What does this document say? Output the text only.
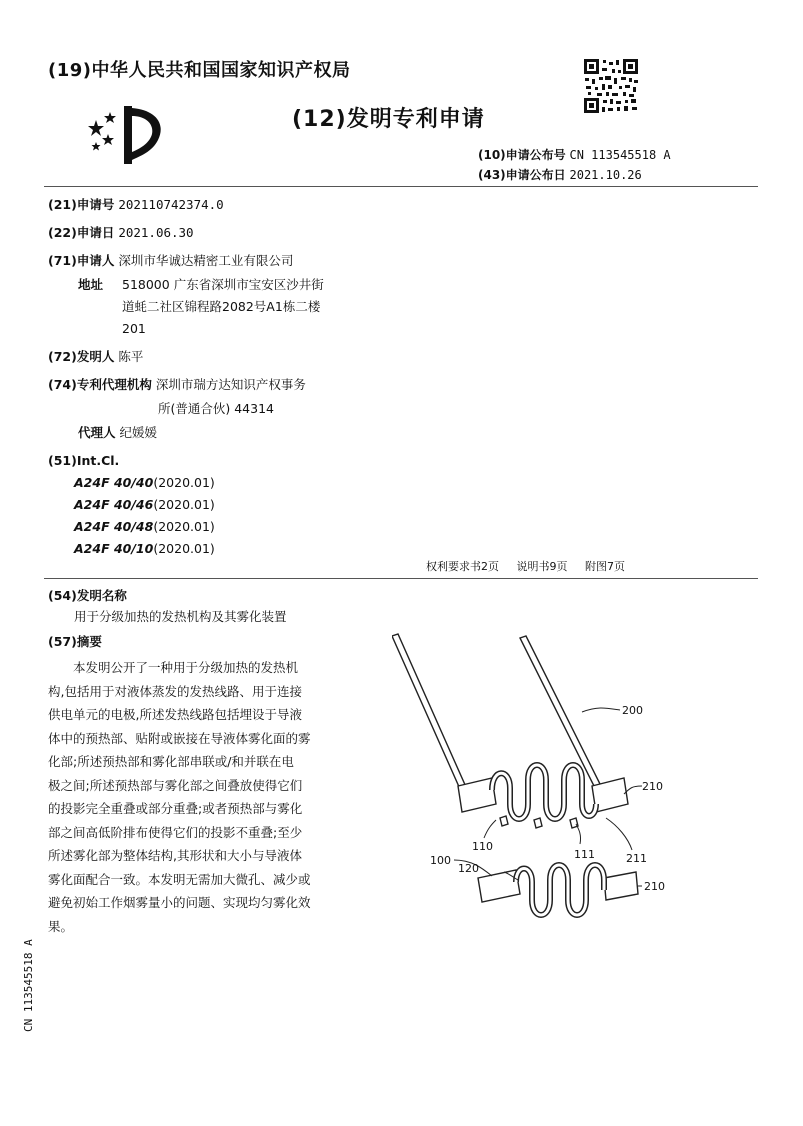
(19)中华人民共和国国家知识产权局
(12)发明专利申请
(10)申请公布号 CN 113545518 A
(43)申请公布日 2021.10.26
(21)申请号 202110742374.0
(22)申请日 2021.06.30
(71)申请人 深圳市华诚达精密工业有限公司
地址 518000 广东省深圳市宝安区沙井街
道蚝二社区锦程路2082号A1栋二楼
201
(72)发明人 陈平
(74)专利代理机构 深圳市瑞方达知识产权事务
所(普通合伙) 44314
代理人 纪媛媛
(51)Int.Cl.
A24F 40/40(2020.01)
A24F 40/46(2020.01)
A24F 40/48(2020.01)
A24F 40/10(2020.01)
权利要求书2页 说明书9页 附图7页
(54)发明名称
用于分级加热的发热机构及其雾化装置
(57)摘要
　　本发明公开了一种用于分级加热的发热机
构,包括用于对液体蒸发的发热线路、用于连接
供电单元的电极,所述发热线路包括埋设于导液
体中的预热部、贴附或嵌接在导液体雾化面的雾
化部;所述预热部和雾化部串联或/和并联在电
极之间;所述预热部与雾化部之间叠放使得它们
的投影完全重叠或部分重叠;或者预热部与雾化
部之间高低阶排布使得它们的投影不重叠;至少
所述雾化部为整体结构,其形状和大小与导液体
雾化面配合一致。本发明无需加大微孔、减少或
避免初始工作烟雾量小的问题、实现均匀雾化效
果。
200
210
110
111	211
100
120
210
CN 113545518 A
